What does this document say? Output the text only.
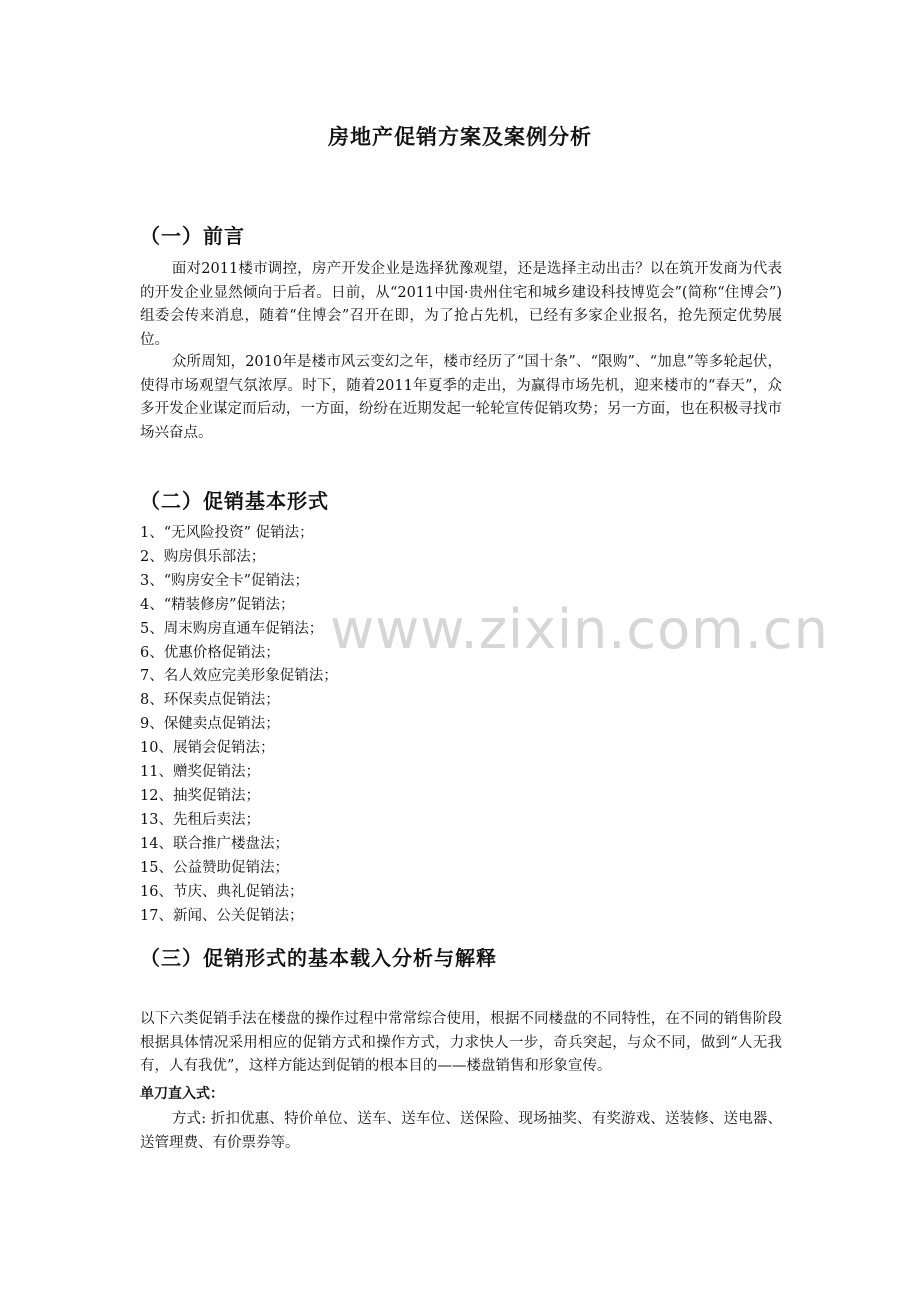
www.zixin.com.cn
房地产促销方案及案例分析
（一）前言

面对2011楼市调控，房产开发企业是选择犹豫观望，还是选择主动出击？以在筑开发商为代表的开发企业显然倾向于后者。日前，从“2011中国·贵州住宅和城乡建设科技博览会”(简称“住博会”)组委会传来消息，随着“住博会”召开在即，为了抢占先机，已经有多家企业报名，抢先预定优势展位。

众所周知，2010年是楼市风云变幻之年，楼市经历了“国十条”、“限购”、“加息”等多轮起伏，使得市场观望气氛浓厚。时下，随着2011年夏季的走出，为赢得市场先机，迎来楼市的“春天”，众多开发企业谋定而后动，一方面，纷纷在近期发起一轮轮宣传促销攻势；另一方面，也在积极寻找市场兴奋点。

（二）促销基本形式
1、“无风险投资” 促销法；
2、购房俱乐部法；
3、“购房安全卡”促销法；
4、“精装修房”促销法；
5、周末购房直通车促销法；
6、优惠价格促销法；
7、名人效应完美形象促销法；
8、环保卖点促销法；
9、保健卖点促销法；
10、展销会促销法；
11、赠奖促销法；
12、抽奖促销法；
13、先租后卖法；
14、联合推广楼盘法；
15、公益赞助促销法；
16、节庆、典礼促销法；
17、新闻、公关促销法；
（三）促销形式的基本载入分析与解释

以下六类促销手法在楼盘的操作过程中常常综合使用，根据不同楼盘的不同特性，在不同的销售阶段根据具体情况采用相应的促销方式和操作方式，力求快人一步，奇兵突起，与众不同，做到“人无我有，人有我优”，这样方能达到促销的根本目的——楼盘销售和形象宣传。

单刀直入式：

方式: 折扣优惠、特价单位、送车、送车位、送保险、现场抽奖、有奖游戏、送装修、送电器、送管理费、有价票券等。
